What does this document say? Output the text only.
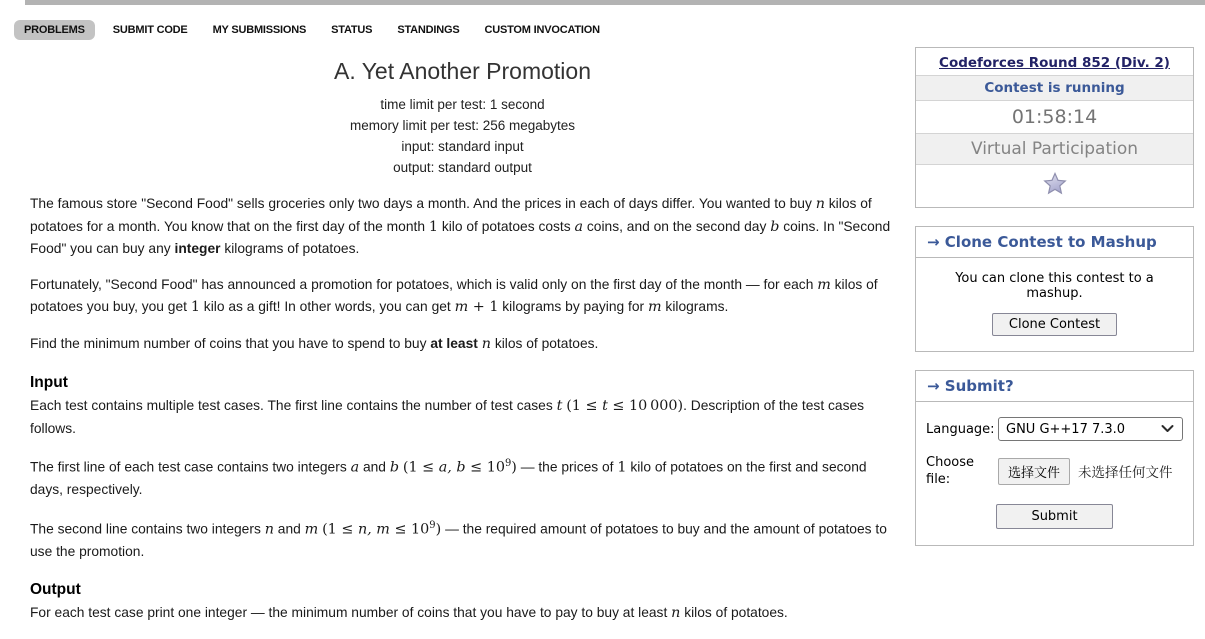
PROBLEMS	SUBMIT CODE	MY SUBMISSIONS	STATUS	STANDINGS	CUSTOM INVOCATION
A. Yet Another Promotion
time limit per test: 1 second
memory limit per test: 256 megabytes
input: standard input
output: standard output

The famous store "Second Food" sells groceries only two days a month. And the prices in each of days differ. You wanted to buy n kilos of potatoes for a month. You know that on the first day of the month 1 kilo of potatoes costs a coins, and on the second day b coins. In "Second Food" you can buy any integer kilograms of potatoes.

Fortunately, "Second Food" has announced a promotion for potatoes, which is valid only on the first day of the month — for each m kilos of potatoes you buy, you get 1 kilo as a gift! In other words, you can get m + 1 kilograms by paying for m kilograms.

Find the minimum number of coins that you have to spend to buy at least n kilos of potatoes.

Input

Each test contains multiple test cases. The first line contains the number of test cases t (1 ≤ t ≤ 10 000). Description of the test cases follows.

The first line of each test case contains two integers a and b (1 ≤ a, $b \le 10^9$) — the prices of 1 kilo of potatoes on the first and second days, respectively.

The second line contains two integers n and m (1 ≤ n, $m \le 10^9$) — the required amount of potatoes to buy and the amount of potatoes to use the promotion.

Output

For each test case print one integer — the minimum number of coins that you have to pay to buy at least n kilos of potatoes.

Codeforces Round 852 (Div. 2)
Contest is running
01:58:14
Virtual Participation
→ Clone Contest to Mashup
You can clone this contest to a mashup.
Clone Contest
→ Submit?
Language: GNU G++17 7.3.0
Choose file:	选择文件	未选择任何文件
Submit
